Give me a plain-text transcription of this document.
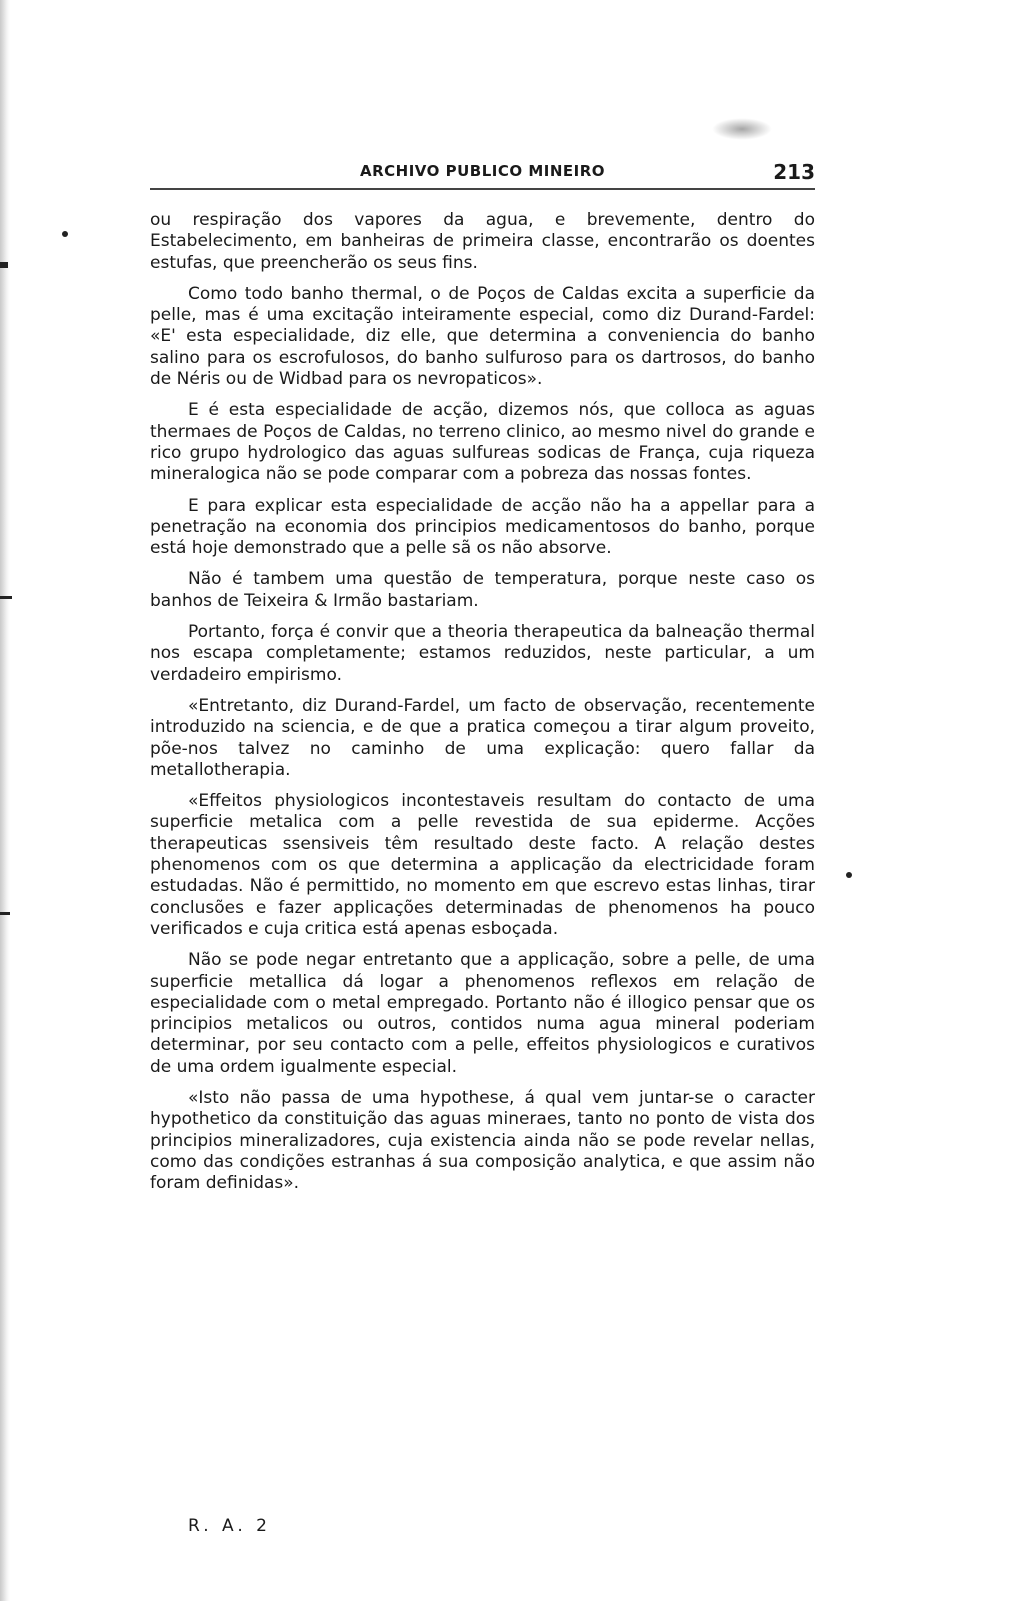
ARCHIVO PUBLICO MINEIRO	213

ou respiração dos vapores da agua, e brevemente, dentro do Estabelecimento, em banheiras de primeira classe, encontrarão os doentes estufas, que preencherão os seus fins.

Como todo banho thermal, o de Poços de Caldas excita a superficie da pelle, mas é uma excitação inteiramente especial, como diz Durand-Fardel: «E' esta especialidade, diz elle, que determina a conveniencia do banho salino para os escrofulosos, do banho sulfuroso para os dartrosos, do banho de Néris ou de Widbad para os nevropaticos».

E é esta especialidade de acção, dizemos nós, que colloca as aguas thermaes de Poços de Caldas, no terreno clinico, ao mesmo nivel do grande e rico grupo hydrologico das aguas sulfureas sodicas de França, cuja riqueza mineralogica não se pode comparar com a pobreza das nossas fontes.

E para explicar esta especialidade de acção não ha a appellar para a penetração na economia dos principios medicamentosos do banho, porque está hoje demonstrado que a pelle sã os não absorve.

Não é tambem uma questão de temperatura, porque neste caso os banhos de Teixeira & Irmão bastariam.

Portanto, força é convir que a theoria therapeutica da balneação thermal nos escapa completamente; estamos reduzidos, neste particular, a um verdadeiro empirismo.

«Entretanto, diz Durand-Fardel, um facto de observação, recentemente introduzido na sciencia, e de que a pratica começou a tirar algum proveito, põe-nos talvez no caminho de uma explicação: quero fallar da metallotherapia.

«Effeitos physiologicos incontestaveis resultam do contacto de uma superficie metalica com a pelle revestida de sua epiderme. Acções therapeuticas ssensiveis têm resultado deste facto. A relação destes phenomenos com os que determina a applicação da electricidade foram estudadas. Não é permittido, no momento em que escrevo estas linhas, tirar conclusões e fazer applicações determinadas de phenomenos ha pouco verificados e cuja critica está apenas esboçada.

Não se pode negar entretanto que a applicação, sobre a pelle, de uma superficie metallica dá logar a phenomenos reflexos em relação de especialidade com o metal empregado. Portanto não é illogico pensar que os principios metalicos ou outros, contidos numa agua mineral poderiam determinar, por seu contacto com a pelle, effeitos physiologicos e curativos de uma ordem igualmente especial.

«Isto não passa de uma hypothese, á qual vem juntar-se o caracter hypothetico da constituição das aguas mineraes, tanto no ponto de vista dos principios mineralizadores, cuja existencia ainda não se pode revelar nellas, como das condições estranhas á sua composição analytica, e que assim não foram definidas».

R. A. 2
